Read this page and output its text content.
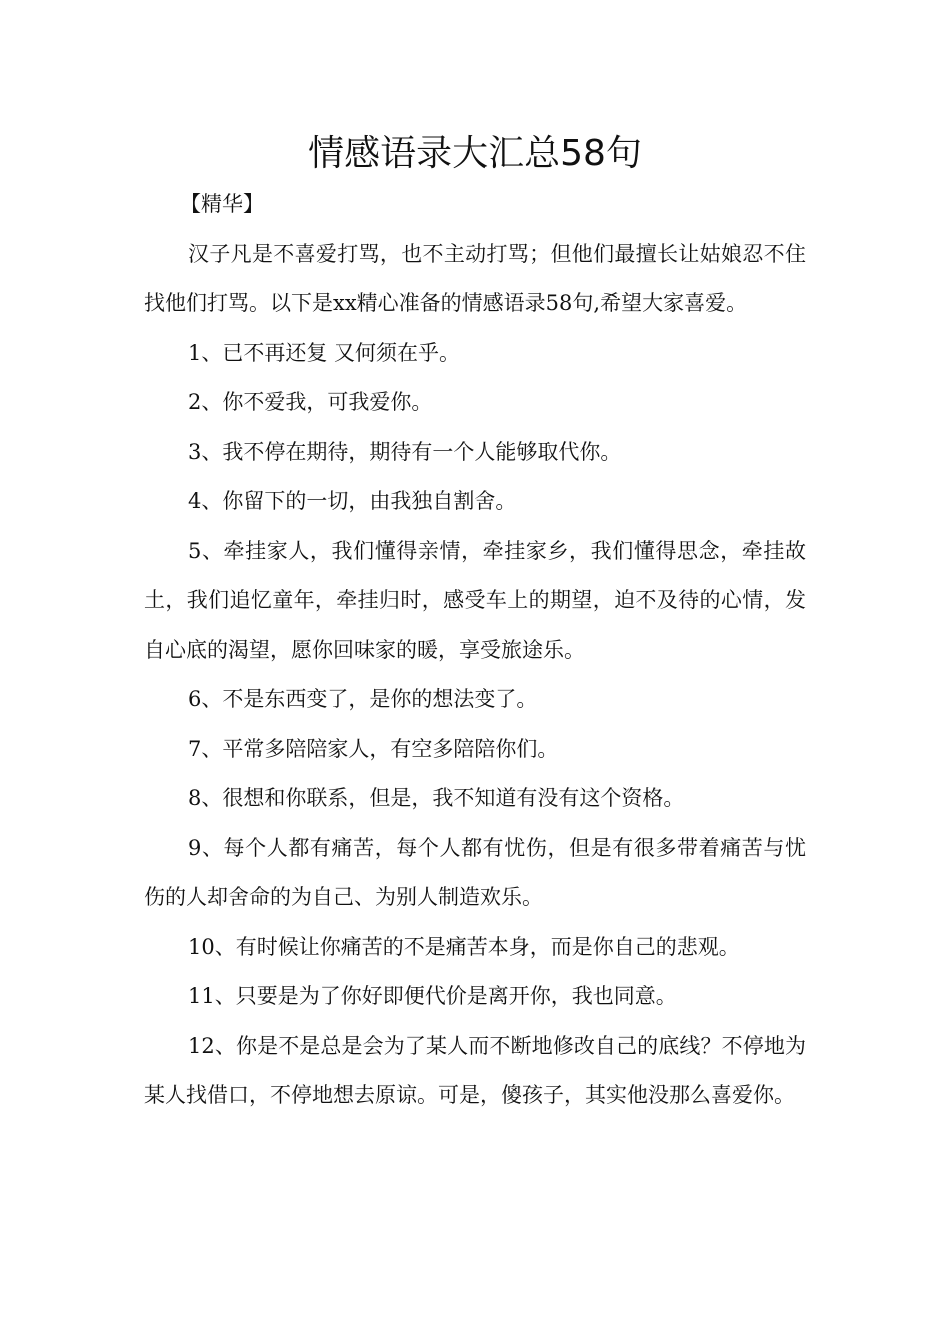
情感语录大汇总58句

【精华】

汉子凡是不喜爱打骂，也不主动打骂；但他们最擅长让姑娘忍不住找他们打骂。以下是xx精心准备的情感语录58句,希望大家喜爱。

1、已不再还复 又何须在乎。

2、你不爱我，可我爱你。

3、我不停在期待，期待有一个人能够取代你。

4、你留下的一切，由我独自割舍。

5、牵挂家人，我们懂得亲情，牵挂家乡，我们懂得思念，牵挂故土，我们追忆童年，牵挂归时，感受车上的期望，迫不及待的心情，发自心底的渴望，愿你回味家的暖，享受旅途乐。

6、不是东西变了，是你的想法变了。

7、平常多陪陪家人，有空多陪陪你们。

8、很想和你联系，但是，我不知道有没有这个资格。

9、每个人都有痛苦，每个人都有忧伤，但是有很多带着痛苦与忧伤的人却舍命的为自己、为别人制造欢乐。

10、有时候让你痛苦的不是痛苦本身，而是你自己的悲观。

11、只要是为了你好即便代价是离开你，我也同意。

12、你是不是总是会为了某人而不断地修改自己的底线？不停地为某人找借口，不停地想去原谅。可是，傻孩子，其实他没那么喜爱你。
